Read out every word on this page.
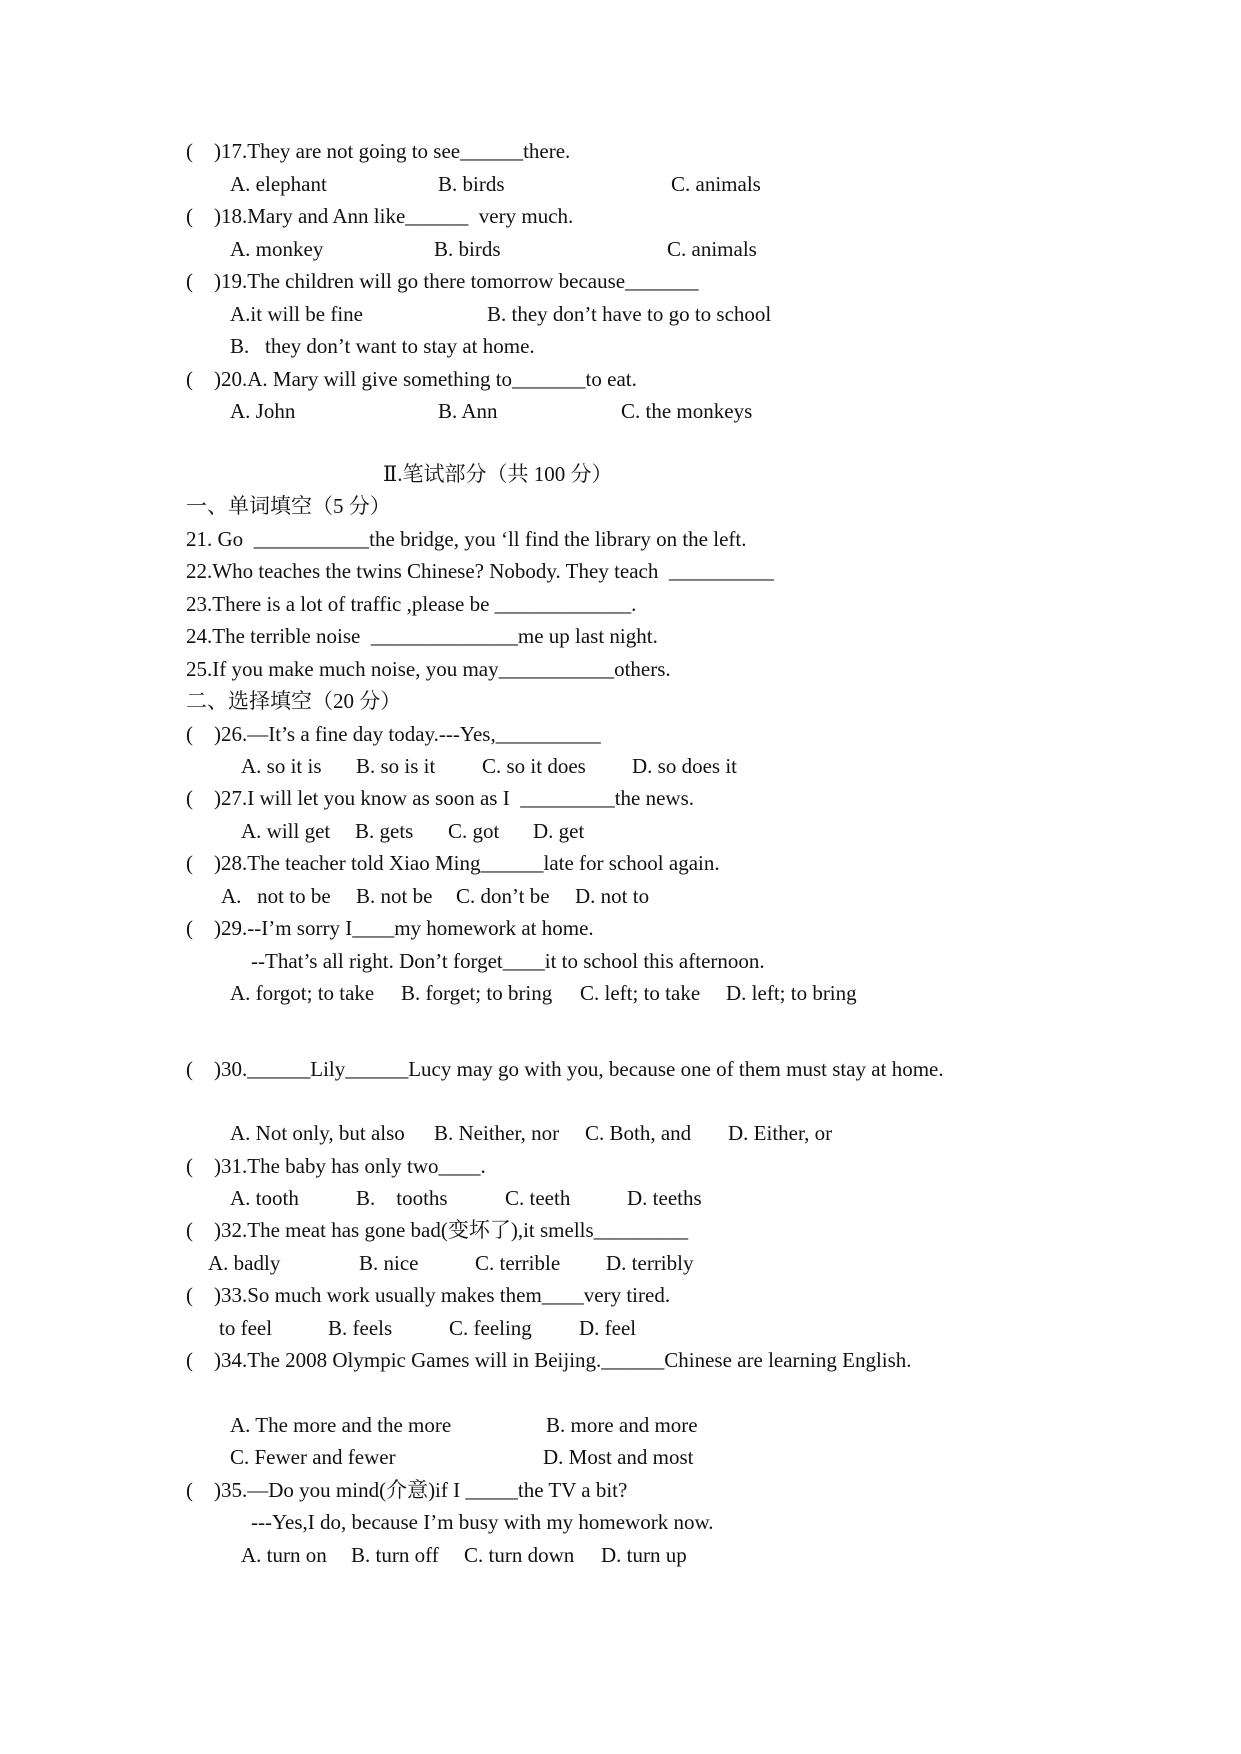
(    )17.They are not going to see______there.

A. elephant

	B. birds

	C. animals

(    )18.Mary and Ann like______  very much.

A. monkey

	B. birds

	C. animals

(    )19.The children will go there tomorrow because_______

A.it will be fine

	B. they don’t have to go to school

B.   they don’t want to stay at home.

(    )20.A. Mary will give something to_______to eat.

A. John

	B. Ann

	C. the monkeys

Ⅱ.笔试部分（共 100 分）

一、单词填空（5 分）

21. Go  ___________the bridge, you ‘ll find the library on the left.

22.Who teaches the twins Chinese? Nobody. They teach  __________

23.There is a lot of traffic ,please be _____________.

24.The terrible noise  ______________me up last night.

25.If you make much noise, you may___________others.

二、选择填空（20 分）

(    )26.—It’s a fine day today.---Yes,__________

A. so it is

B. so is it

C. so it does

D. so does it

(    )27.I will let you know as soon as I  _________the news.

A. will get

B. gets

C. got

D. get

(    )28.The teacher told Xiao Ming______late for school again.

A.   not to be

B. not be

C. don’t be

D. not to

(    )29.--I’m sorry I____my homework at home.

--That’s all right. Don’t forget____it to school this afternoon.

A. forgot; to take

B. forget; to bring

C. left; to take

D. left; to bring

(    )30.______Lily______Lucy may go with you, because one of them must stay at home.

A. Not only, but also

B. Neither, nor

C. Both, and

D. Either, or

(    )31.The baby has only two____.

A. tooth

	B.    tooths

	C. teeth

	D. teeths

(    )32.The meat has gone bad(变坏了),it smells_________

A. badly

	B. nice

	C. terrible

D. terribly

(    )33.So much work usually makes them____very tired.

to feel

	B. feels

	C. feeling

D. feel

(    )34.The 2008 Olympic Games will in Beijing.______Chinese are learning English.

A. The more and the more

	B. more and more

C. Fewer and fewer

	D. Most and most

(    )35.—Do you mind(介意)if I _____the TV a bit?

---Yes,I do, because I’m busy with my homework now.

A. turn on

B. turn off

C. turn down

D. turn up
